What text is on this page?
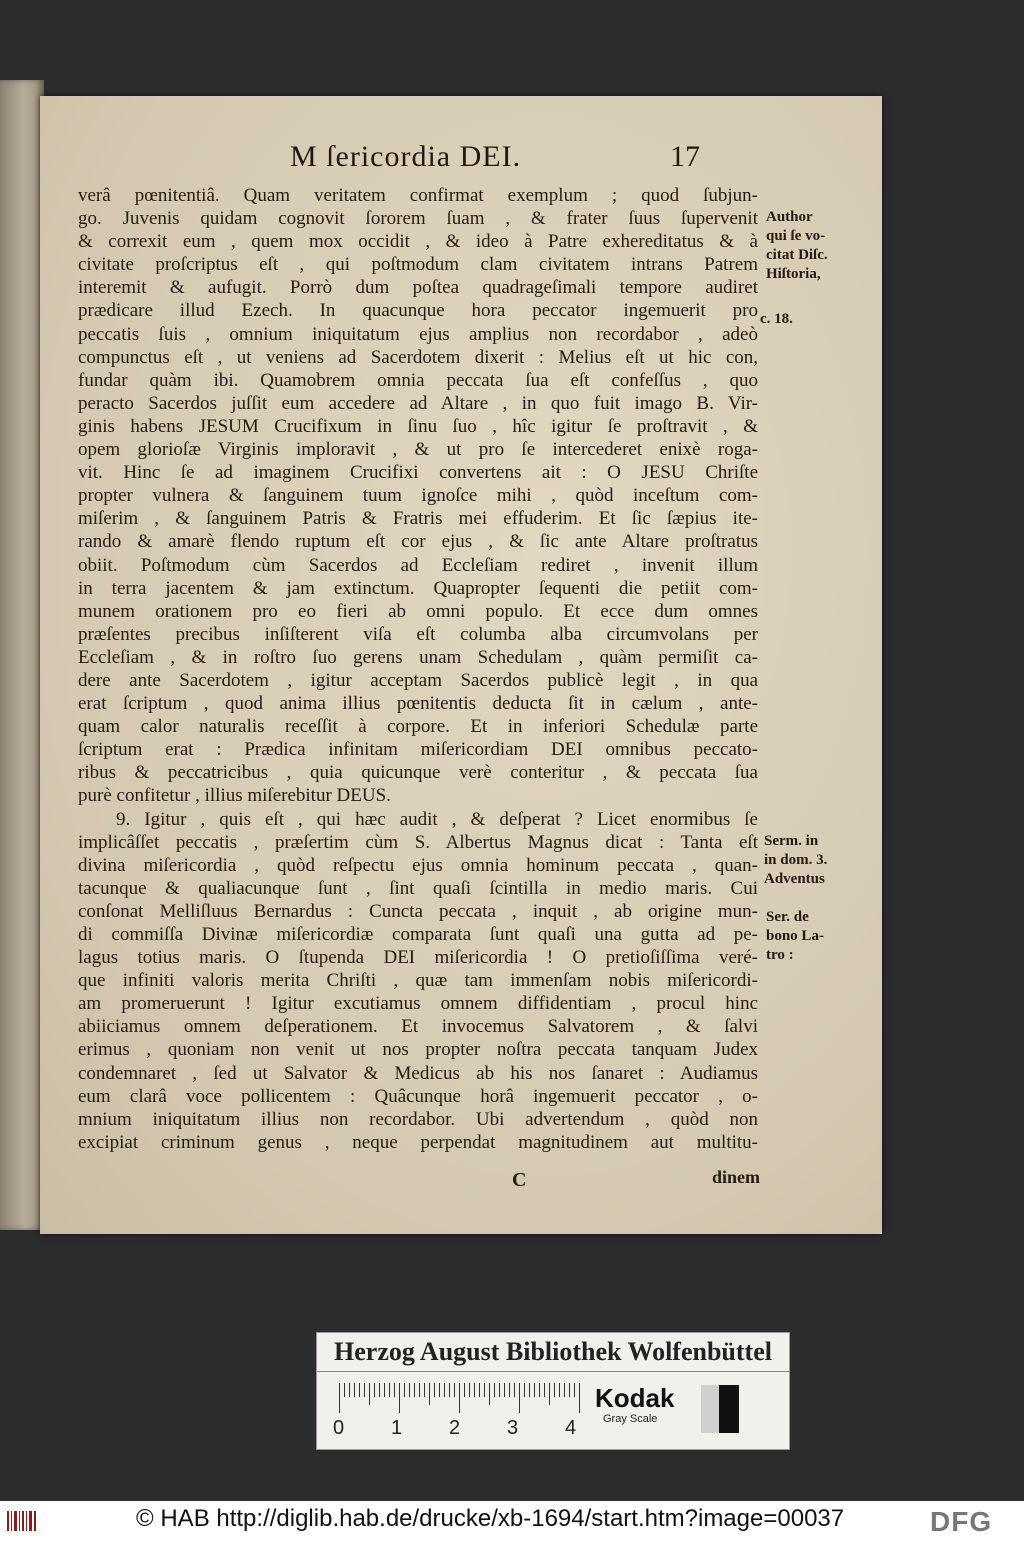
M ſericordia DEI.	17
verâ pœnitentiâ. Quam veritatem confirmat exemplum ; quod ſubjun-
go. Juvenis quidam cognovit ſororem ſuam , & frater ſuus ſupervenit
& correxit eum , quem mox occidit , & ideo à Patre exhereditatus & à
civitate proſcriptus eſt , qui poſtmodum clam civitatem intrans Patrem
interemit & aufugit. Porrò dum poſtea quadrageſimali tempore audiret
prædicare illud Ezech. In quacunque hora peccator ingemuerit pro
peccatis ſuis , omnium iniquitatum ejus amplius non recordabor , adeò
compunctus eſt , ut veniens ad Sacerdotem dixerit : Melius eſt ut hic con,
fundar quàm ibi. Quamobrem omnia peccata ſua eſt confeſſus , quo
peracto Sacerdos juſſit eum accedere ad Altare , in quo fuit imago B. Vir-
ginis habens JESUM Crucifixum in ſinu ſuo , hîc igitur ſe proſtravit , &
opem glorioſæ Virginis imploravit , & ut pro ſe intercederet enixè roga-
vit. Hinc ſe ad imaginem Crucifixi convertens ait : O JESU Chriſte
propter vulnera & ſanguinem tuum ignoſce mihi , quòd inceſtum com-
miſerim , & ſanguinem Patris & Fratris mei effuderim. Et ſic ſæpius ite-
rando & amarè flendo ruptum eſt cor ejus , & ſic ante Altare proſtratus
obiit. Poſtmodum cùm Sacerdos ad Eccleſiam rediret , invenit illum
in terra jacentem & jam extinctum. Quapropter ſequenti die petiit com-
munem orationem pro eo fieri ab omni populo. Et ecce dum omnes
præſentes precibus inſiſterent viſa eſt columba alba circumvolans per
Eccleſiam , & in roſtro ſuo gerens unam Schedulam , quàm permiſit ca-
dere ante Sacerdotem , igitur acceptam Sacerdos publicè legit , in qua
erat ſcriptum , quod anima illius pœnitentis deducta ſit in cælum , ante-
quam calor naturalis receſſit à corpore. Et in inferiori Schedulæ parte
ſcriptum erat : Prædica infinitam miſericordiam DEI omnibus peccato-
ribus & peccatricibus , quia quicunque verè conteritur , & peccata ſua
purè confitetur , illius miſerebitur DEUS.
9. Igitur , quis eſt , qui hæc audit , & deſperat ? Licet enormibus ſe
implicâſſet peccatis , præſertim cùm S. Albertus Magnus dicat : Tanta eſt
divina miſericordia , quòd reſpectu ejus omnia hominum peccata , quan-
tacunque & qualiacunque ſunt , ſint quaſi ſcintilla in medio maris. Cui
conſonat Melliſluus Bernardus : Cuncta peccata , inquit , ab origine mun-
di commiſſa Divinæ miſericordiæ comparata ſunt quaſi una gutta ad pe-
lagus totius maris. O ſtupenda DEI miſericordia ! O pretioſiſſima veré-
que infiniti valoris merita Chriſti , quæ tam immenſam nobis miſericordi-
am promeruerunt ! Igitur excutiamus omnem diffidentiam , procul hinc
abiiciamus omnem deſperationem. Et invocemus Salvatorem , & ſalvi
erimus , quoniam non venit ut nos propter noſtra peccata tanquam Judex
condemnaret , ſed ut Salvator & Medicus ab his nos ſanaret : Audiamus
eum clarâ voce pollicentem : Quâcunque horâ ingemuerit peccator , o-
mnium iniquitatum illius non recordabor. Ubi advertendum , quòd non
excipiat criminum genus , neque perpendat magnitudinem aut multitu-
Author
qui ſe vo-
citat Diſc.
Hiſtoria,
c. 18.
Serm. in
in dom. 3.
Adventus
Ser. de
bono La-
tro :
C	dinem
Herzog August Bibliothek Wolfenbüttel
0 1 2 3 4
Kodak
Gray Scale
© HAB http://diglib.hab.de/drucke/xb-1694/start.htm?image=00037	DFG
